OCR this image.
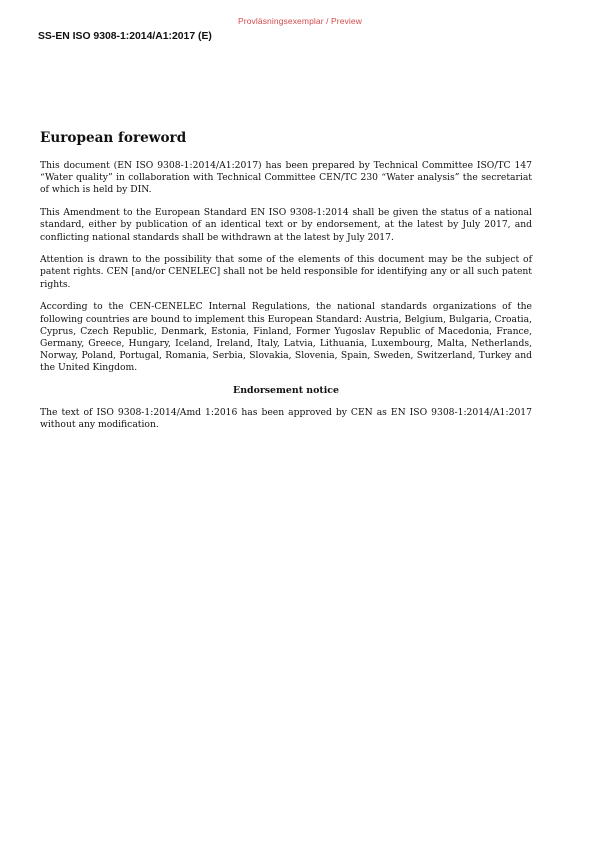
Provläsningsexemplar / Preview
SS-EN ISO 9308-1:2014/A1:2017 (E)
European foreword

This document (EN ISO 9308-1:2014/A1:2017) has been prepared by Technical Committee ISO/TC 147 “Water quality” in collaboration with Technical Committee CEN/TC 230 “Water analysis” the secretariat of which is held by DIN.

This Amendment to the European Standard EN ISO 9308-1:2014 shall be given the status of a national standard, either by publication of an identical text or by endorsement, at the latest by July 2017, and conflicting national standards shall be withdrawn at the latest by July 2017.

Attention is drawn to the possibility that some of the elements of this document may be the subject of patent rights. CEN [and/or CENELEC] shall not be held responsible for identifying any or all such patent rights.

According to the CEN-CENELEC Internal Regulations, the national standards organizations of the following countries are bound to implement this European Standard: Austria, Belgium, Bulgaria, Croatia, Cyprus, Czech Republic, Denmark, Estonia, Finland, Former Yugoslav Republic of Macedonia, France, Germany, Greece, Hungary, Iceland, Ireland, Italy, Latvia, Lithuania, Luxembourg, Malta, Netherlands, Norway, Poland, Portugal, Romania, Serbia, Slovakia, Slovenia, Spain, Sweden, Switzerland, Turkey and the United Kingdom.

Endorsement notice

The text of ISO 9308-1:2014/Amd 1:2016 has been approved by CEN as EN ISO 9308-1:2014/A1:2017 without any modification.
